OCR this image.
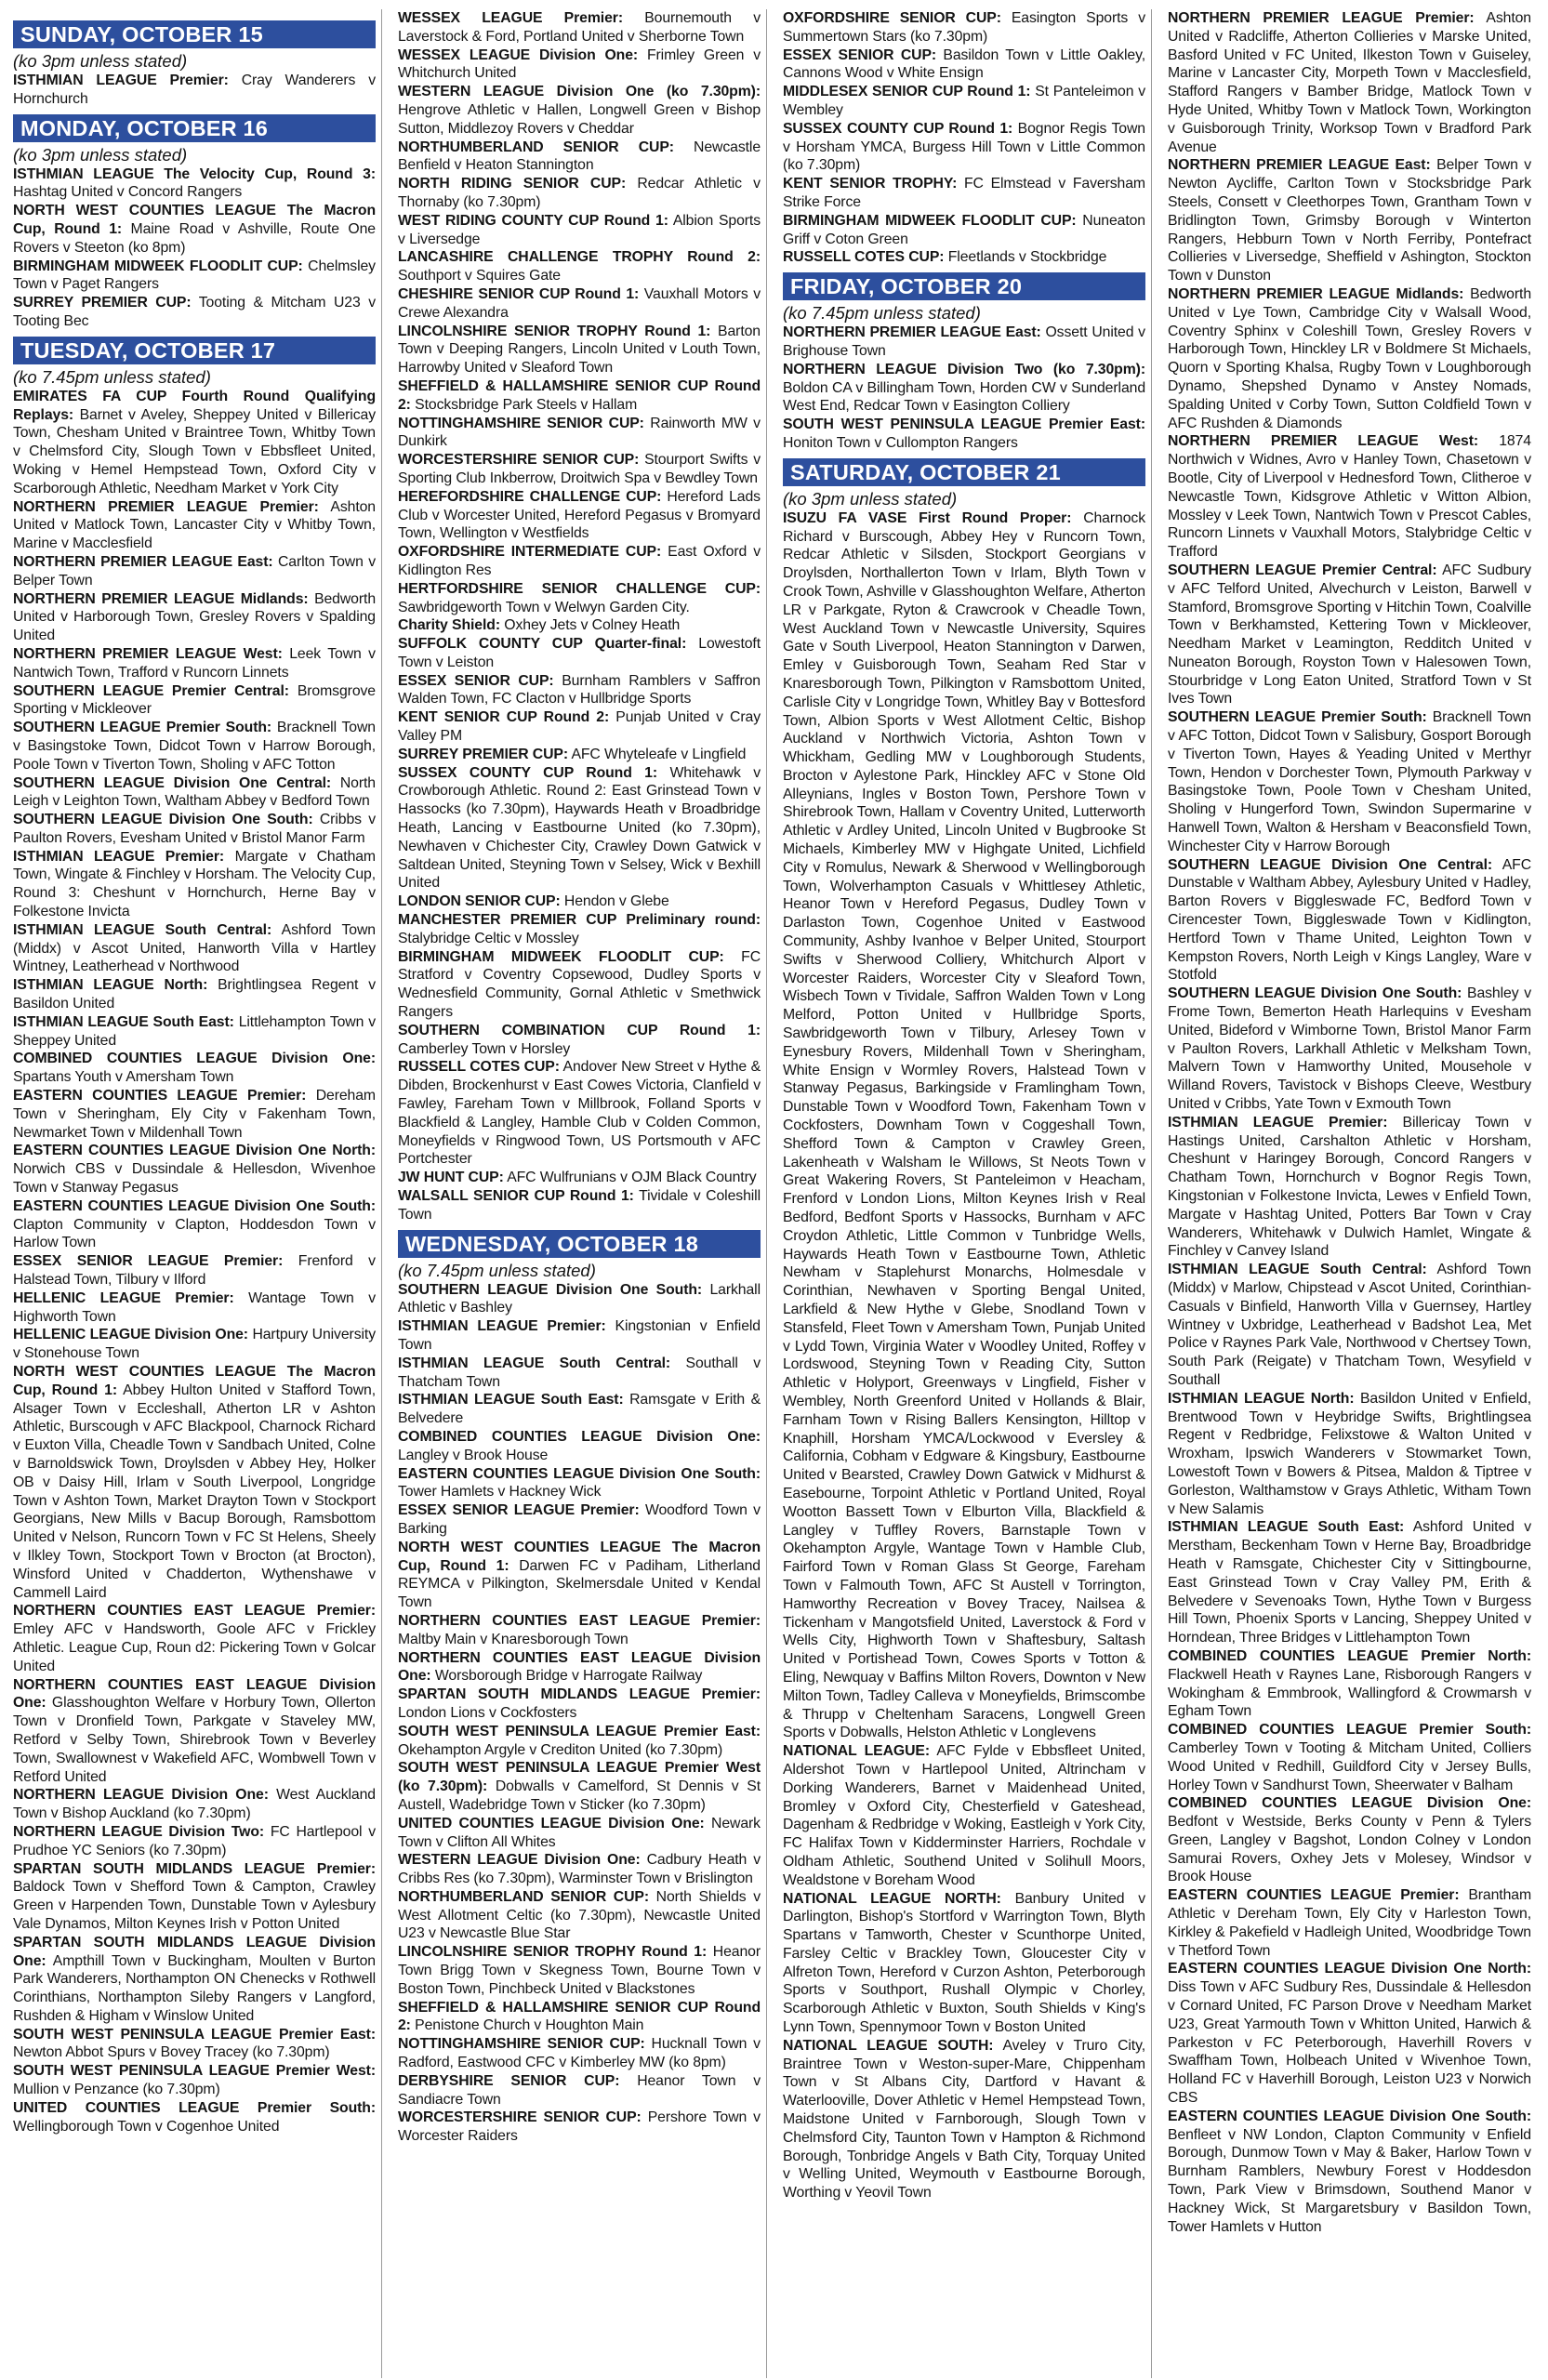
SUNDAY, OCTOBER 15
(ko 3pm unless stated)

ISTHMIAN LEAGUE Premier: Cray Wanderers v Hornchurch

MONDAY, OCTOBER 16
(ko 3pm unless stated)

ISTHMIAN LEAGUE The Velocity Cup, Round 3: Hashtag United v Concord Rangers

NORTH WEST COUNTIES LEAGUE The Macron Cup, Round 1: Maine Road v Ashville, Route One Rovers v Steeton (ko 8pm)

BIRMINGHAM MIDWEEK FLOODLIT CUP: Chelmsley Town v Paget Rangers

SURREY PREMIER CUP: Tooting & Mitcham U23 v Tooting Bec

TUESDAY, OCTOBER 17
(ko 7.45pm unless stated)

EMIRATES FA CUP Fourth Round Qualifying Replays: Barnet v Aveley, Sheppey United v Billericay Town, Chesham United v Braintree Town, Whitby Town v Chelmsford City, Slough Town v Ebbsfleet United, Woking v Hemel Hempstead Town, Oxford City v Scarborough Athletic, Needham Market v York City

NORTHERN PREMIER LEAGUE Premier: Ashton United v Matlock Town, Lancaster City v Whitby Town, Marine v Macclesfield

NORTHERN PREMIER LEAGUE East: Carlton Town v Belper Town

NORTHERN PREMIER LEAGUE Midlands: Bedworth United v Harborough Town, Gresley Rovers v Spalding United

NORTHERN PREMIER LEAGUE West: Leek Town v Nantwich Town, Trafford v Runcorn Linnets

SOUTHERN LEAGUE Premier Central: Bromsgrove Sporting v Mickleover

SOUTHERN LEAGUE Premier South: Bracknell Town v Basingstoke Town, Didcot Town v Harrow Borough, Poole Town v Tiverton Town, Sholing v AFC Totton

SOUTHERN LEAGUE Division One Central: North Leigh v Leighton Town, Waltham Abbey v Bedford Town

SOUTHERN LEAGUE Division One South: Cribbs v Paulton Rovers, Evesham United v Bristol Manor Farm

ISTHMIAN LEAGUE Premier: Margate v Chatham Town, Wingate & Finchley v Horsham. The Velocity Cup, Round 3: Cheshunt v Hornchurch, Herne Bay v Folkestone Invicta

ISTHMIAN LEAGUE South Central: Ashford Town (Middx) v Ascot United, Hanworth Villa v Hartley Wintney, Leatherhead v Northwood

ISTHMIAN LEAGUE North: Brightlingsea Regent v Basildon United

ISTHMIAN LEAGUE South East: Littlehampton Town v Sheppey United

COMBINED COUNTIES LEAGUE Division One: Spartans Youth v Amersham Town

EASTERN COUNTIES LEAGUE Premier: Dereham Town v Sheringham, Ely City v Fakenham Town, Newmarket Town v Mildenhall Town

EASTERN COUNTIES LEAGUE Division One North: Norwich CBS v Dussindale & Hellesdon, Wivenhoe Town v Stanway Pegasus

EASTERN COUNTIES LEAGUE Division One South: Clapton Community v Clapton, Hoddesdon Town v Harlow Town

ESSEX SENIOR LEAGUE Premier: Frenford v Halstead Town, Tilbury v Ilford

HELLENIC LEAGUE Premier: Wantage Town v Highworth Town

HELLENIC LEAGUE Division One: Hartpury University v Stonehouse Town

NORTH WEST COUNTIES LEAGUE The Macron Cup, Round 1: Abbey Hulton United v Stafford Town, Alsager Town v Eccleshall, Atherton LR v Ashton Athletic, Burscough v AFC Blackpool, Charnock Richard v Euxton Villa, Cheadle Town v Sandbach United, Colne v Barnoldswick Town, Droylsden v Abbey Hey, Holker OB v Daisy Hill, Irlam v South Liverpool, Longridge Town v Ashton Town, Market Drayton Town v Stockport Georgians, New Mills v Bacup Borough, Ramsbottom United v Nelson, Runcorn Town v FC St Helens, Sheely v Ilkley Town, Stockport Town v Brocton (at Brocton), Winsford United v Chadderton, Wythenshawe v Cammell Laird

NORTHERN COUNTIES EAST LEAGUE Premier: Emley AFC v Handsworth, Goole AFC v Frickley Athletic. League Cup, Roun d2: Pickering Town v Golcar United

NORTHERN COUNTIES EAST LEAGUE Division One: Glasshoughton Welfare v Horbury Town, Ollerton Town v Dronfield Town, Parkgate v Staveley MW, Retford v Selby Town, Shirebrook Town v Beverley Town, Swallownest v Wakefield AFC, Wombwell Town v Retford United

NORTHERN LEAGUE Division One: West Auckland Town v Bishop Auckland (ko 7.30pm)

NORTHERN LEAGUE Division Two: FC Hartlepool v Prudhoe YC Seniors (ko 7.30pm)

SPARTAN SOUTH MIDLANDS LEAGUE Premier: Baldock Town v Shefford Town & Campton, Crawley Green v Harpenden Town, Dunstable Town v Aylesbury Vale Dynamos, Milton Keynes Irish v Potton United

SPARTAN SOUTH MIDLANDS LEAGUE Division One: Ampthill Town v Buckingham, Moulten v Burton Park Wanderers, Northampton ON Chenecks v Rothwell Corinthians, Northampton Sileby Rangers v Langford, Rushden & Higham v Winslow United

SOUTH WEST PENINSULA LEAGUE Premier East: Newton Abbot Spurs v Bovey Tracey (ko 7.30pm)

SOUTH WEST PENINSULA LEAGUE Premier West: Mullion v Penzance (ko 7.30pm)

UNITED COUNTIES LEAGUE Premier South: Wellingborough Town v Cogenhoe United

WESSEX LEAGUE Premier: Bournemouth v Laverstock & Ford, Portland United v Sherborne Town

WESSEX LEAGUE Division One: Frimley Green v Whitchurch United

WESTERN LEAGUE Division One (ko 7.30pm): Hengrove Athletic v Hallen, Longwell Green v Bishop Sutton, Middlezoy Rovers v Cheddar

NORTHUMBERLAND SENIOR CUP: Newcastle Benfield v Heaton Stannington

NORTH RIDING SENIOR CUP: Redcar Athletic v Thornaby (ko 7.30pm)

WEST RIDING COUNTY CUP Round 1: Albion Sports v Liversedge

LANCASHIRE CHALLENGE TROPHY Round 2: Southport v Squires Gate

CHESHIRE SENIOR CUP Round 1: Vauxhall Motors v Crewe Alexandra

LINCOLNSHIRE SENIOR TROPHY Round 1: Barton Town v Deeping Rangers, Lincoln United v Louth Town, Harrowby United v Sleaford Town

SHEFFIELD & HALLAMSHIRE SENIOR CUP Round 2: Stocksbridge Park Steels v Hallam

NOTTINGHAMSHIRE SENIOR CUP: Rainworth MW v Dunkirk

WORCESTERSHIRE SENIOR CUP: Stourport Swifts v Sporting Club Inkberrow, Droitwich Spa v Bewdley Town

HEREFORDSHIRE CHALLENGE CUP: Hereford Lads Club v Worcester United, Hereford Pegasus v Bromyard Town, Wellington v Westfields

OXFORDSHIRE INTERMEDIATE CUP: East Oxford v Kidlington Res

HERTFORDSHIRE SENIOR CHALLENGE CUP: Sawbridgeworth Town v Welwyn Garden City.

Charity Shield: Oxhey Jets v Colney Heath

SUFFOLK COUNTY CUP Quarter-final: Lowestoft Town v Leiston

ESSEX SENIOR CUP: Burnham Ramblers v Saffron Walden Town, FC Clacton v Hullbridge Sports

KENT SENIOR CUP Round 2: Punjab United v Cray Valley PM

SURREY PREMIER CUP: AFC Whyteleafe v Lingfield

SUSSEX COUNTY CUP Round 1: Whitehawk v Crowborough Athletic. Round 2: East Grinstead Town v Hassocks (ko 7.30pm), Haywards Heath v Broadbridge Heath, Lancing v Eastbourne United (ko 7.30pm), Newhaven v Chichester City, Crawley Down Gatwick v Saltdean United, Steyning Town v Selsey, Wick v Bexhill United

LONDON SENIOR CUP: Hendon v Glebe

MANCHESTER PREMIER CUP Preliminary round: Stalybridge Celtic v Mossley

BIRMINGHAM MIDWEEK FLOODLIT CUP: FC Stratford v Coventry Copsewood, Dudley Sports v Wednesfield Community, Gornal Athletic v Smethwick Rangers

SOUTHERN COMBINATION CUP Round 1: Camberley Town v Horsley

RUSSELL COTES CUP: Andover New Street v Hythe & Dibden, Brockenhurst v East Cowes Victoria, Clanfield v Fawley, Fareham Town v Millbrook, Folland Sports v Blackfield & Langley, Hamble Club v Colden Common, Moneyfields v Ringwood Town, US Portsmouth v AFC Portchester

JW HUNT CUP: AFC Wulfrunians v OJM Black Country

WALSALL SENIOR CUP Round 1: Tividale v Coleshill Town

WEDNESDAY, OCTOBER 18
(ko 7.45pm unless stated)

SOUTHERN LEAGUE Division One South: Larkhall Athletic v Bashley

ISTHMIAN LEAGUE Premier: Kingstonian v Enfield Town

ISTHMIAN LEAGUE South Central: Southall v Thatcham Town

ISTHMIAN LEAGUE South East: Ramsgate v Erith & Belvedere

COMBINED COUNTIES LEAGUE Division One: Langley v Brook House

EASTERN COUNTIES LEAGUE Division One South: Tower Hamlets v Hackney Wick

ESSEX SENIOR LEAGUE Premier: Woodford Town v Barking

NORTH WEST COUNTIES LEAGUE The Macron Cup, Round 1: Darwen FC v Padiham, Litherland REYMCA v Pilkington, Skelmersdale United v Kendal Town

NORTHERN COUNTIES EAST LEAGUE Premier: Maltby Main v Knaresborough Town

NORTHERN COUNTIES EAST LEAGUE Division One: Worsborough Bridge v Harrogate Railway

SPARTAN SOUTH MIDLANDS LEAGUE Premier: London Lions v Cockfosters

SOUTH WEST PENINSULA LEAGUE Premier East: Okehampton Argyle v Crediton United (ko 7.30pm)

SOUTH WEST PENINSULA LEAGUE Premier West (ko 7.30pm): Dobwalls v Camelford, St Dennis v St Austell, Wadebridge Town v Sticker (ko 7.30pm)

UNITED COUNTIES LEAGUE Division One: Newark Town v Clifton All Whites

WESTERN LEAGUE Division One: Cadbury Heath v Cribbs Res (ko 7.30pm), Warminster Town v Brislington

NORTHUMBERLAND SENIOR CUP: North Shields v West Allotment Celtic (ko 7.30pm), Newcastle United U23 v Newcastle Blue Star

LINCOLNSHIRE SENIOR TROPHY Round 1: Heanor Town Brigg Town v Skegness Town, Bourne Town v Boston Town, Pinchbeck United v Blackstones

SHEFFIELD & HALLAMSHIRE SENIOR CUP Round 2: Penistone Church v Houghton Main

NOTTINGHAMSHIRE SENIOR CUP: Hucknall Town v Radford, Eastwood CFC v Kimberley MW (ko 8pm)

DERBYSHIRE SENIOR CUP: Heanor Town v Sandiacre Town

WORCESTERSHIRE SENIOR CUP: Pershore Town v Worcester Raiders

OXFORDSHIRE SENIOR CUP: Easington Sports v Summertown Stars (ko 7.30pm)

ESSEX SENIOR CUP: Basildon Town v Little Oakley, Cannons Wood v White Ensign

MIDDLESEX SENIOR CUP Round 1: St Panteleimon v Wembley

SUSSEX COUNTY CUP Round 1: Bognor Regis Town v Horsham YMCA, Burgess Hill Town v Little Common (ko 7.30pm)

KENT SENIOR TROPHY: FC Elmstead v Faversham Strike Force

BIRMINGHAM MIDWEEK FLOODLIT CUP: Nuneaton Griff v Coton Green

RUSSELL COTES CUP: Fleetlands v Stockbridge

FRIDAY, OCTOBER 20
(ko 7.45pm unless stated)

NORTHERN PREMIER LEAGUE East: Ossett United v Brighouse Town

NORTHERN LEAGUE Division Two (ko 7.30pm): Boldon CA v Billingham Town, Horden CW v Sunderland West End, Redcar Town v Easington Colliery

SOUTH WEST PENINSULA LEAGUE Premier East: Honiton Town v Cullompton Rangers

SATURDAY, OCTOBER 21
(ko 3pm unless stated)

ISUZU FA VASE First Round Proper: Charnock Richard v Burscough, Abbey Hey v Runcorn Town, Redcar Athletic v Silsden, Stockport Georgians v Droylsden, Northallerton Town v Irlam, Blyth Town v Crook Town, Ashville v Glasshoughton Welfare, Atherton LR v Parkgate, Ryton & Crawcrook v Cheadle Town, West Auckland Town v Newcastle University, Squires Gate v South Liverpool, Heaton Stannington v Darwen, Emley v Guisborough Town, Seaham Red Star v Knaresborough Town, Pilkington v Ramsbottom United, Carlisle City v Longridge Town, Whitley Bay v Bottesford Town, Albion Sports v West Allotment Celtic, Bishop Auckland v Northwich Victoria, Ashton Town v Whickham, Gedling MW v Loughborough Students, Brocton v Aylestone Park, Hinckley AFC v Stone Old Alleynians, Ingles v Boston Town, Pershore Town v Shirebrook Town, Hallam v Coventry United, Lutterworth Athletic v Ardley United, Lincoln United v Bugbrooke St Michaels, Kimberley MW v Highgate United, Lichfield City v Romulus, Newark & Sherwood v Wellingborough Town, Wolverhampton Casuals v Whittlesey Athletic, Heanor Town v Hereford Pegasus, Dudley Town v Darlaston Town, Cogenhoe United v Eastwood Community, Ashby Ivanhoe v Belper United, Stourport Swifts v Sherwood Colliery, Whitchurch Alport v Worcester Raiders, Worcester City v Sleaford Town, Wisbech Town v Tividale, Saffron Walden Town v Long Melford, Potton United v Hullbridge Sports, Sawbridgeworth Town v Tilbury, Arlesey Town v Eynesbury Rovers, Mildenhall Town v Sheringham, White Ensign v Wormley Rovers, Halstead Town v Stanway Pegasus, Barkingside v Framlingham Town, Dunstable Town v Woodford Town, Fakenham Town v Cockfosters, Downham Town v Coggeshall Town, Shefford Town & Campton v Crawley Green, Lakenheath v Walsham le Willows, St Neots Town v Great Wakering Rovers, St Panteleimon v Heacham, Frenford v London Lions, Milton Keynes Irish v Real Bedford, Bedfont Sports v Hassocks, Burnham v AFC Croydon Athletic, Little Common v Tunbridge Wells, Haywards Heath Town v Eastbourne Town, Athletic Newham v Staplehurst Monarchs, Holmesdale v Corinthian, Newhaven v Sporting Bengal United, Larkfield & New Hythe v Glebe, Snodland Town v Stansfeld, Fleet Town v Amersham Town, Punjab United v Lydd Town, Virginia Water v Woodley United, Roffey v Lordswood, Steyning Town v Reading City, Sutton Athletic v Holyport, Greenways v Lingfield, Fisher v Wembley, North Greenford United v Hollands & Blair, Farnham Town v Rising Ballers Kensington, Hilltop v Knaphill, Horsham YMCA/Lockwood v Eversley & California, Cobham v Edgware & Kingsbury, Eastbourne United v Bearsted, Crawley Down Gatwick v Midhurst & Easebourne, Torpoint Athletic v Portland United, Royal Wootton Bassett Town v Elburton Villa, Blackfield & Langley v Tuffley Rovers, Barnstaple Town v Okehampton Argyle, Wantage Town v Hamble Club, Fairford Town v Roman Glass St George, Fareham Town v Falmouth Town, AFC St Austell v Torrington, Hamworthy Recreation v Bovey Tracey, Nailsea & Tickenham v Mangotsfield United, Laverstock & Ford v Wells City, Highworth Town v Shaftesbury, Saltash United v Portishead Town, Cowes Sports v Totton & Eling, Newquay v Baffins Milton Rovers, Downton v New Milton Town, Tadley Calleva v Moneyfields, Brimscombe & Thrupp v Cheltenham Saracens, Longwell Green Sports v Dobwalls, Helston Athletic v Longlevens

NATIONAL LEAGUE: AFC Fylde v Ebbsfleet United, Aldershot Town v Hartlepool United, Altrincham v Dorking Wanderers, Barnet v Maidenhead United, Bromley v Oxford City, Chesterfield v Gateshead, Dagenham & Redbridge v Woking, Eastleigh v York City, FC Halifax Town v Kidderminster Harriers, Rochdale v Oldham Athletic, Southend United v Solihull Moors, Wealdstone v Boreham Wood

NATIONAL LEAGUE NORTH: Banbury United v Darlington, Bishop's Stortford v Warrington Town, Blyth Spartans v Tamworth, Chester v Scunthorpe United, Farsley Celtic v Brackley Town, Gloucester City v Alfreton Town, Hereford v Curzon Ashton, Peterborough Sports v Southport, Rushall Olympic v Chorley, Scarborough Athletic v Buxton, South Shields v King's Lynn Town, Spennymoor Town v Boston United

NATIONAL LEAGUE SOUTH: Aveley v Truro City, Braintree Town v Weston-super-Mare, Chippenham Town v St Albans City, Dartford v Havant & Waterlooville, Dover Athletic v Hemel Hempstead Town, Maidstone United v Farnborough, Slough Town v Chelmsford City, Taunton Town v Hampton & Richmond Borough, Tonbridge Angels v Bath City, Torquay United v Welling United, Weymouth v Eastbourne Borough, Worthing v Yeovil Town

NORTHERN PREMIER LEAGUE Premier: Ashton United v Radcliffe, Atherton Collieries v Marske United, Basford United v FC United, Ilkeston Town v Guiseley, Marine v Lancaster City, Morpeth Town v Macclesfield, Stafford Rangers v Bamber Bridge, Matlock Town v Hyde United, Whitby Town v Matlock Town, Workington v Guisborough Trinity, Worksop Town v Bradford Park Avenue

NORTHERN PREMIER LEAGUE East: Belper Town v Newton Aycliffe, Carlton Town v Stocksbridge Park Steels, Consett v Cleethorpes Town, Grantham Town v Bridlington Town, Grimsby Borough v Winterton Rangers, Hebburn Town v North Ferriby, Pontefract Collieries v Liversedge, Sheffield v Ashington, Stockton Town v Dunston

NORTHERN PREMIER LEAGUE Midlands: Bedworth United v Lye Town, Cambridge City v Walsall Wood, Coventry Sphinx v Coleshill Town, Gresley Rovers v Harborough Town, Hinckley LR v Boldmere St Michaels, Quorn v Sporting Khalsa, Rugby Town v Loughborough Dynamo, Shepshed Dynamo v Anstey Nomads, Spalding United v Corby Town, Sutton Coldfield Town v AFC Rushden & Diamonds

NORTHERN PREMIER LEAGUE West: 1874 Northwich v Widnes, Avro v Hanley Town, Chasetown v Bootle, City of Liverpool v Hednesford Town, Clitheroe v Newcastle Town, Kidsgrove Athletic v Witton Albion, Mossley v Leek Town, Nantwich Town v Prescot Cables, Runcorn Linnets v Vauxhall Motors, Stalybridge Celtic v Trafford

SOUTHERN LEAGUE Premier Central: AFC Sudbury v AFC Telford United, Alvechurch v Leiston, Barwell v Stamford, Bromsgrove Sporting v Hitchin Town, Coalville Town v Berkhamsted, Kettering Town v Mickleover, Needham Market v Leamington, Redditch United v Nuneaton Borough, Royston Town v Halesowen Town, Stourbridge v Long Eaton United, Stratford Town v St Ives Town

SOUTHERN LEAGUE Premier South: Bracknell Town v AFC Totton, Didcot Town v Salisbury, Gosport Borough v Tiverton Town, Hayes & Yeading United v Merthyr Town, Hendon v Dorchester Town, Plymouth Parkway v Basingstoke Town, Poole Town v Chesham United, Sholing v Hungerford Town, Swindon Supermarine v Hanwell Town, Walton & Hersham v Beaconsfield Town, Winchester City v Harrow Borough

SOUTHERN LEAGUE Division One Central: AFC Dunstable v Waltham Abbey, Aylesbury United v Hadley, Barton Rovers v Biggleswade FC, Bedford Town v Cirencester Town, Biggleswade Town v Kidlington, Hertford Town v Thame United, Leighton Town v Kempston Rovers, North Leigh v Kings Langley, Ware v Stotfold

SOUTHERN LEAGUE Division One South: Bashley v Frome Town, Bemerton Heath Harlequins v Evesham United, Bideford v Wimborne Town, Bristol Manor Farm v Paulton Rovers, Larkhall Athletic v Melksham Town, Malvern Town v Hamworthy United, Mousehole v Willand Rovers, Tavistock v Bishops Cleeve, Westbury United v Cribbs, Yate Town v Exmouth Town

ISTHMIAN LEAGUE Premier: Billericay Town v Hastings United, Carshalton Athletic v Horsham, Cheshunt v Haringey Borough, Concord Rangers v Chatham Town, Hornchurch v Bognor Regis Town, Kingstonian v Folkestone Invicta, Lewes v Enfield Town, Margate v Hashtag United, Potters Bar Town v Cray Wanderers, Whitehawk v Dulwich Hamlet, Wingate & Finchley v Canvey Island

ISTHMIAN LEAGUE South Central: Ashford Town (Middx) v Marlow, Chipstead v Ascot United, Corinthian-Casuals v Binfield, Hanworth Villa v Guernsey, Hartley Wintney v Uxbridge, Leatherhead v Badshot Lea, Met Police v Raynes Park Vale, Northwood v Chertsey Town, South Park (Reigate) v Thatcham Town, Wesyfield v Southall

ISTHMIAN LEAGUE North: Basildon United v Enfield, Brentwood Town v Heybridge Swifts, Brightlingsea Regent v Redbridge, Felixstowe & Walton United v Wroxham, Ipswich Wanderers v Stowmarket Town, Lowestoft Town v Bowers & Pitsea, Maldon & Tiptree v Gorleston, Walthamstow v Grays Athletic, Witham Town v New Salamis

ISTHMIAN LEAGUE South East: Ashford United v Merstham, Beckenham Town v Herne Bay, Broadbridge Heath v Ramsgate, Chichester City v Sittingbourne, East Grinstead Town v Cray Valley PM, Erith & Belvedere v Sevenoaks Town, Hythe Town v Burgess Hill Town, Phoenix Sports v Lancing, Sheppey United v Horndean, Three Bridges v Littlehampton Town

COMBINED COUNTIES LEAGUE Premier North: Flackwell Heath v Raynes Lane, Risborough Rangers v Wokingham & Emmbrook, Wallingford & Crowmarsh v Egham Town

COMBINED COUNTIES LEAGUE Premier South: Camberley Town v Tooting & Mitcham United, Colliers Wood United v Redhill, Guildford City v Jersey Bulls, Horley Town v Sandhurst Town, Sheerwater v Balham

COMBINED COUNTIES LEAGUE Division One: Bedfont v Westside, Berks County v Penn & Tylers Green, Langley v Bagshot, London Colney v London Samurai Rovers, Oxhey Jets v Molesey, Windsor v Brook House

EASTERN COUNTIES LEAGUE Premier: Brantham Athletic v Dereham Town, Ely City v Harleston Town, Kirkley & Pakefield v Hadleigh United, Woodbridge Town v Thetford Town

EASTERN COUNTIES LEAGUE Division One North: Diss Town v AFC Sudbury Res, Dussindale & Hellesdon v Cornard United, FC Parson Drove v Needham Market U23, Great Yarmouth Town v Whitton United, Harwich & Parkeston v FC Peterborough, Haverhill Rovers v Swaffham Town, Holbeach United v Wivenhoe Town, Holland FC v Haverhill Borough, Leiston U23 v Norwich CBS

EASTERN COUNTIES LEAGUE Division One South: Benfleet v NW London, Clapton Community v Enfield Borough, Dunmow Town v May & Baker, Harlow Town v Burnham Ramblers, Newbury Forest v Hoddesdon Town, Park View v Brimsdown, Southend Manor v Hackney Wick, St Margaretsbury v Basildon Town, Tower Hamlets v Hutton
